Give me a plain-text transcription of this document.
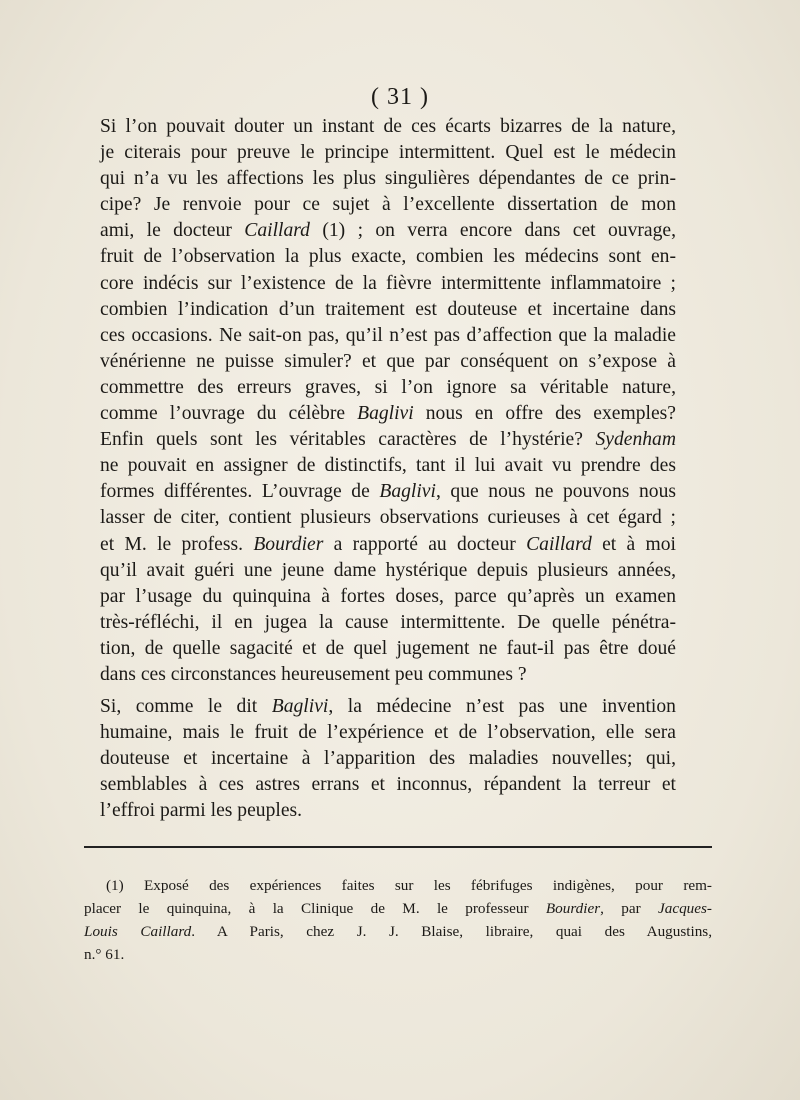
( 31 )

Si l’on pouvait douter un instant de ces écarts bizarres de la nature,
je citerais pour preuve le principe intermittent. Quel est le médecin
qui n’a vu les affections les plus singulières dépendantes de ce prin-
cipe? Je renvoie pour ce sujet à l’excellente dissertation de mon
ami, le docteur Caillard (1) ; on verra encore dans cet ouvrage,
fruit de l’observation la plus exacte, combien les médecins sont en-
core indécis sur l’existence de la fièvre intermittente inflammatoire ;
combien l’indication d’un traitement est douteuse et incertaine dans
ces occasions. Ne sait-on pas, qu’il n’est pas d’affection que la maladie
vénérienne ne puisse simuler? et que par conséquent on s’expose à
commettre des erreurs graves, si l’on ignore sa véritable nature,
comme l’ouvrage du célèbre Baglivi nous en offre des exemples?
Enfin quels sont les véritables caractères de l’hystérie? Sydenham
ne pouvait en assigner de distinctifs, tant il lui avait vu prendre des
formes différentes. L’ouvrage de Baglivi, que nous ne pouvons nous
lasser de citer, contient plusieurs observations curieuses à cet égard ;
et M. le profess. Bourdier a rapporté au docteur Caillard et à moi
qu’il avait guéri une jeune dame hystérique depuis plusieurs années,
par l’usage du quinquina à fortes doses, parce qu’après un examen
très-réfléchi, il en jugea la cause intermittente. De quelle pénétra-
tion, de quelle sagacité et de quel jugement ne faut-il pas être doué
dans ces circonstances heureusement peu communes ?

Si, comme le dit Baglivi, la médecine n’est pas une invention
humaine, mais le fruit de l’expérience et de l’observation, elle sera
douteuse et incertaine à l’apparition des maladies nouvelles; qui,
semblables à ces astres errans et inconnus, répandent la terreur et
l’effroi parmi les peuples.

(1) Exposé des expériences faites sur les fébrifuges indigènes, pour rem-
placer le quinquina, à la Clinique de M. le professeur Bourdier, par Jacques-
Louis Caillard. A Paris, chez J. J. Blaise, libraire, quai des Augustins,
n.° 61.
